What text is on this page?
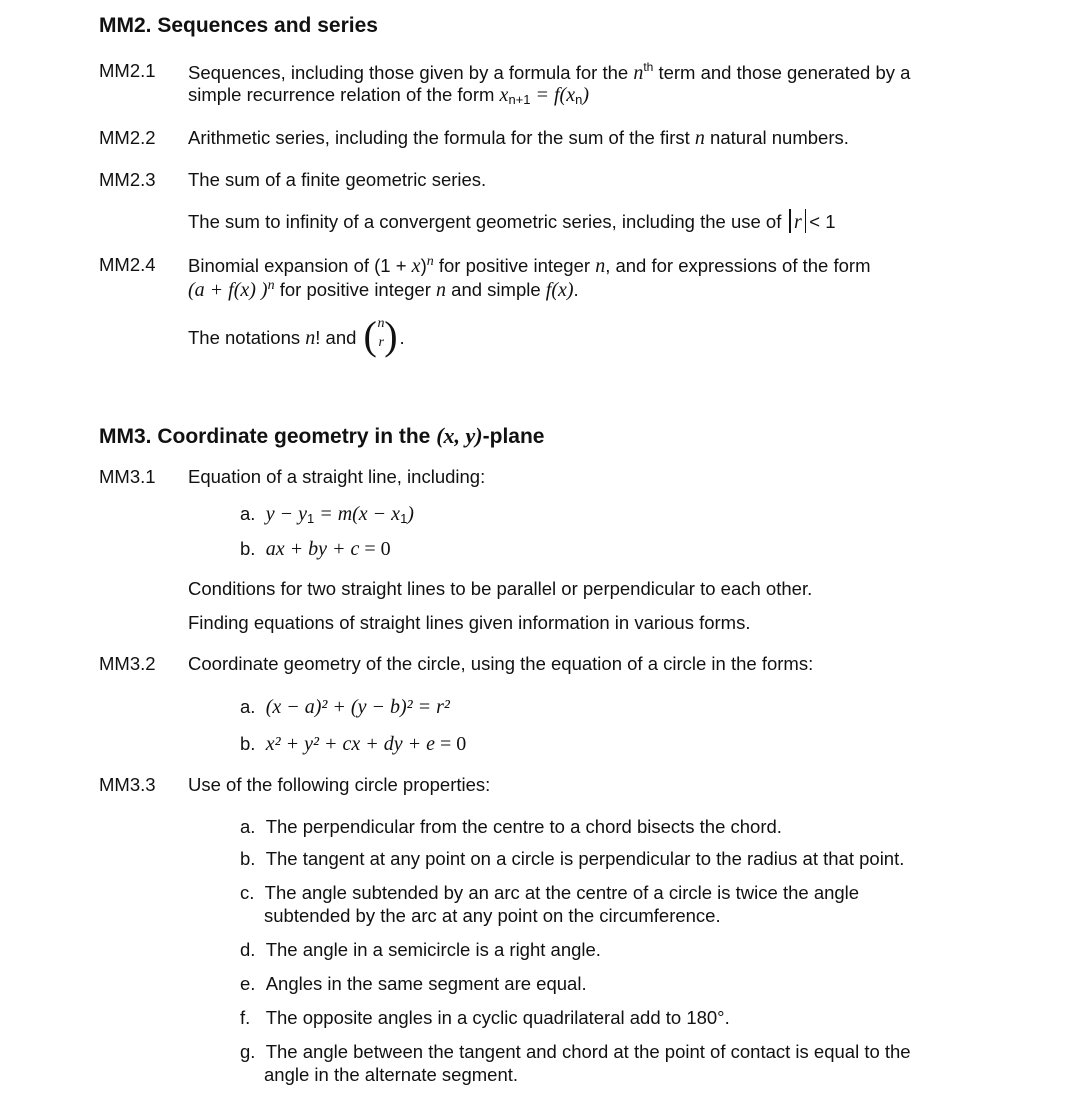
MM2. Sequences and series
MM2.1 Sequences, including those given by a formula for the $n^{th}$ term and those generated by a
simple recurrence relation of the form $x_{n+1} = f(x_n)$
MM2.2 Arithmetic series, including the formula for the sum of the first n natural numbers.
MM2.3 The sum of a finite geometric series.
The sum to infinity of a convergent geometric series, including the use of r < 1
MM2.4 Binomial expansion of $(1 + x)^n$ for positive integer n, and for expressions of the form
(a + f(x) )$^n$ for positive integer n and simple f(x).
The notations n! and ( n
r ) .
MM3. Coordinate geometry in the (x, y)-plane
MM3.1 Equation of a straight line, including:
a. $y - y_1 = m(x - x_1)$
b. ax + by + c = 0
Conditions for two straight lines to be parallel or perpendicular to each other.
Finding equations of straight lines given information in various forms.
MM3.2 Coordinate geometry of the circle, using the equation of a circle in the forms:
a. (x − a)² + (y − b)² = r²
b. x² + y² + cx + dy + e = 0
MM3.3 Use of the following circle properties:
a. The perpendicular from the centre to a chord bisects the chord.
b. The tangent at any point on a circle is perpendicular to the radius at that point.
c. The angle subtended by an arc at the centre of a circle is twice the angle
subtended by the arc at any point on the circumference.
d. The angle in a semicircle is a right angle.
e. Angles in the same segment are equal.
f. The opposite angles in a cyclic quadrilateral add to 180°.
g. The angle between the tangent and chord at the point of contact is equal to the
angle in the alternate segment.
